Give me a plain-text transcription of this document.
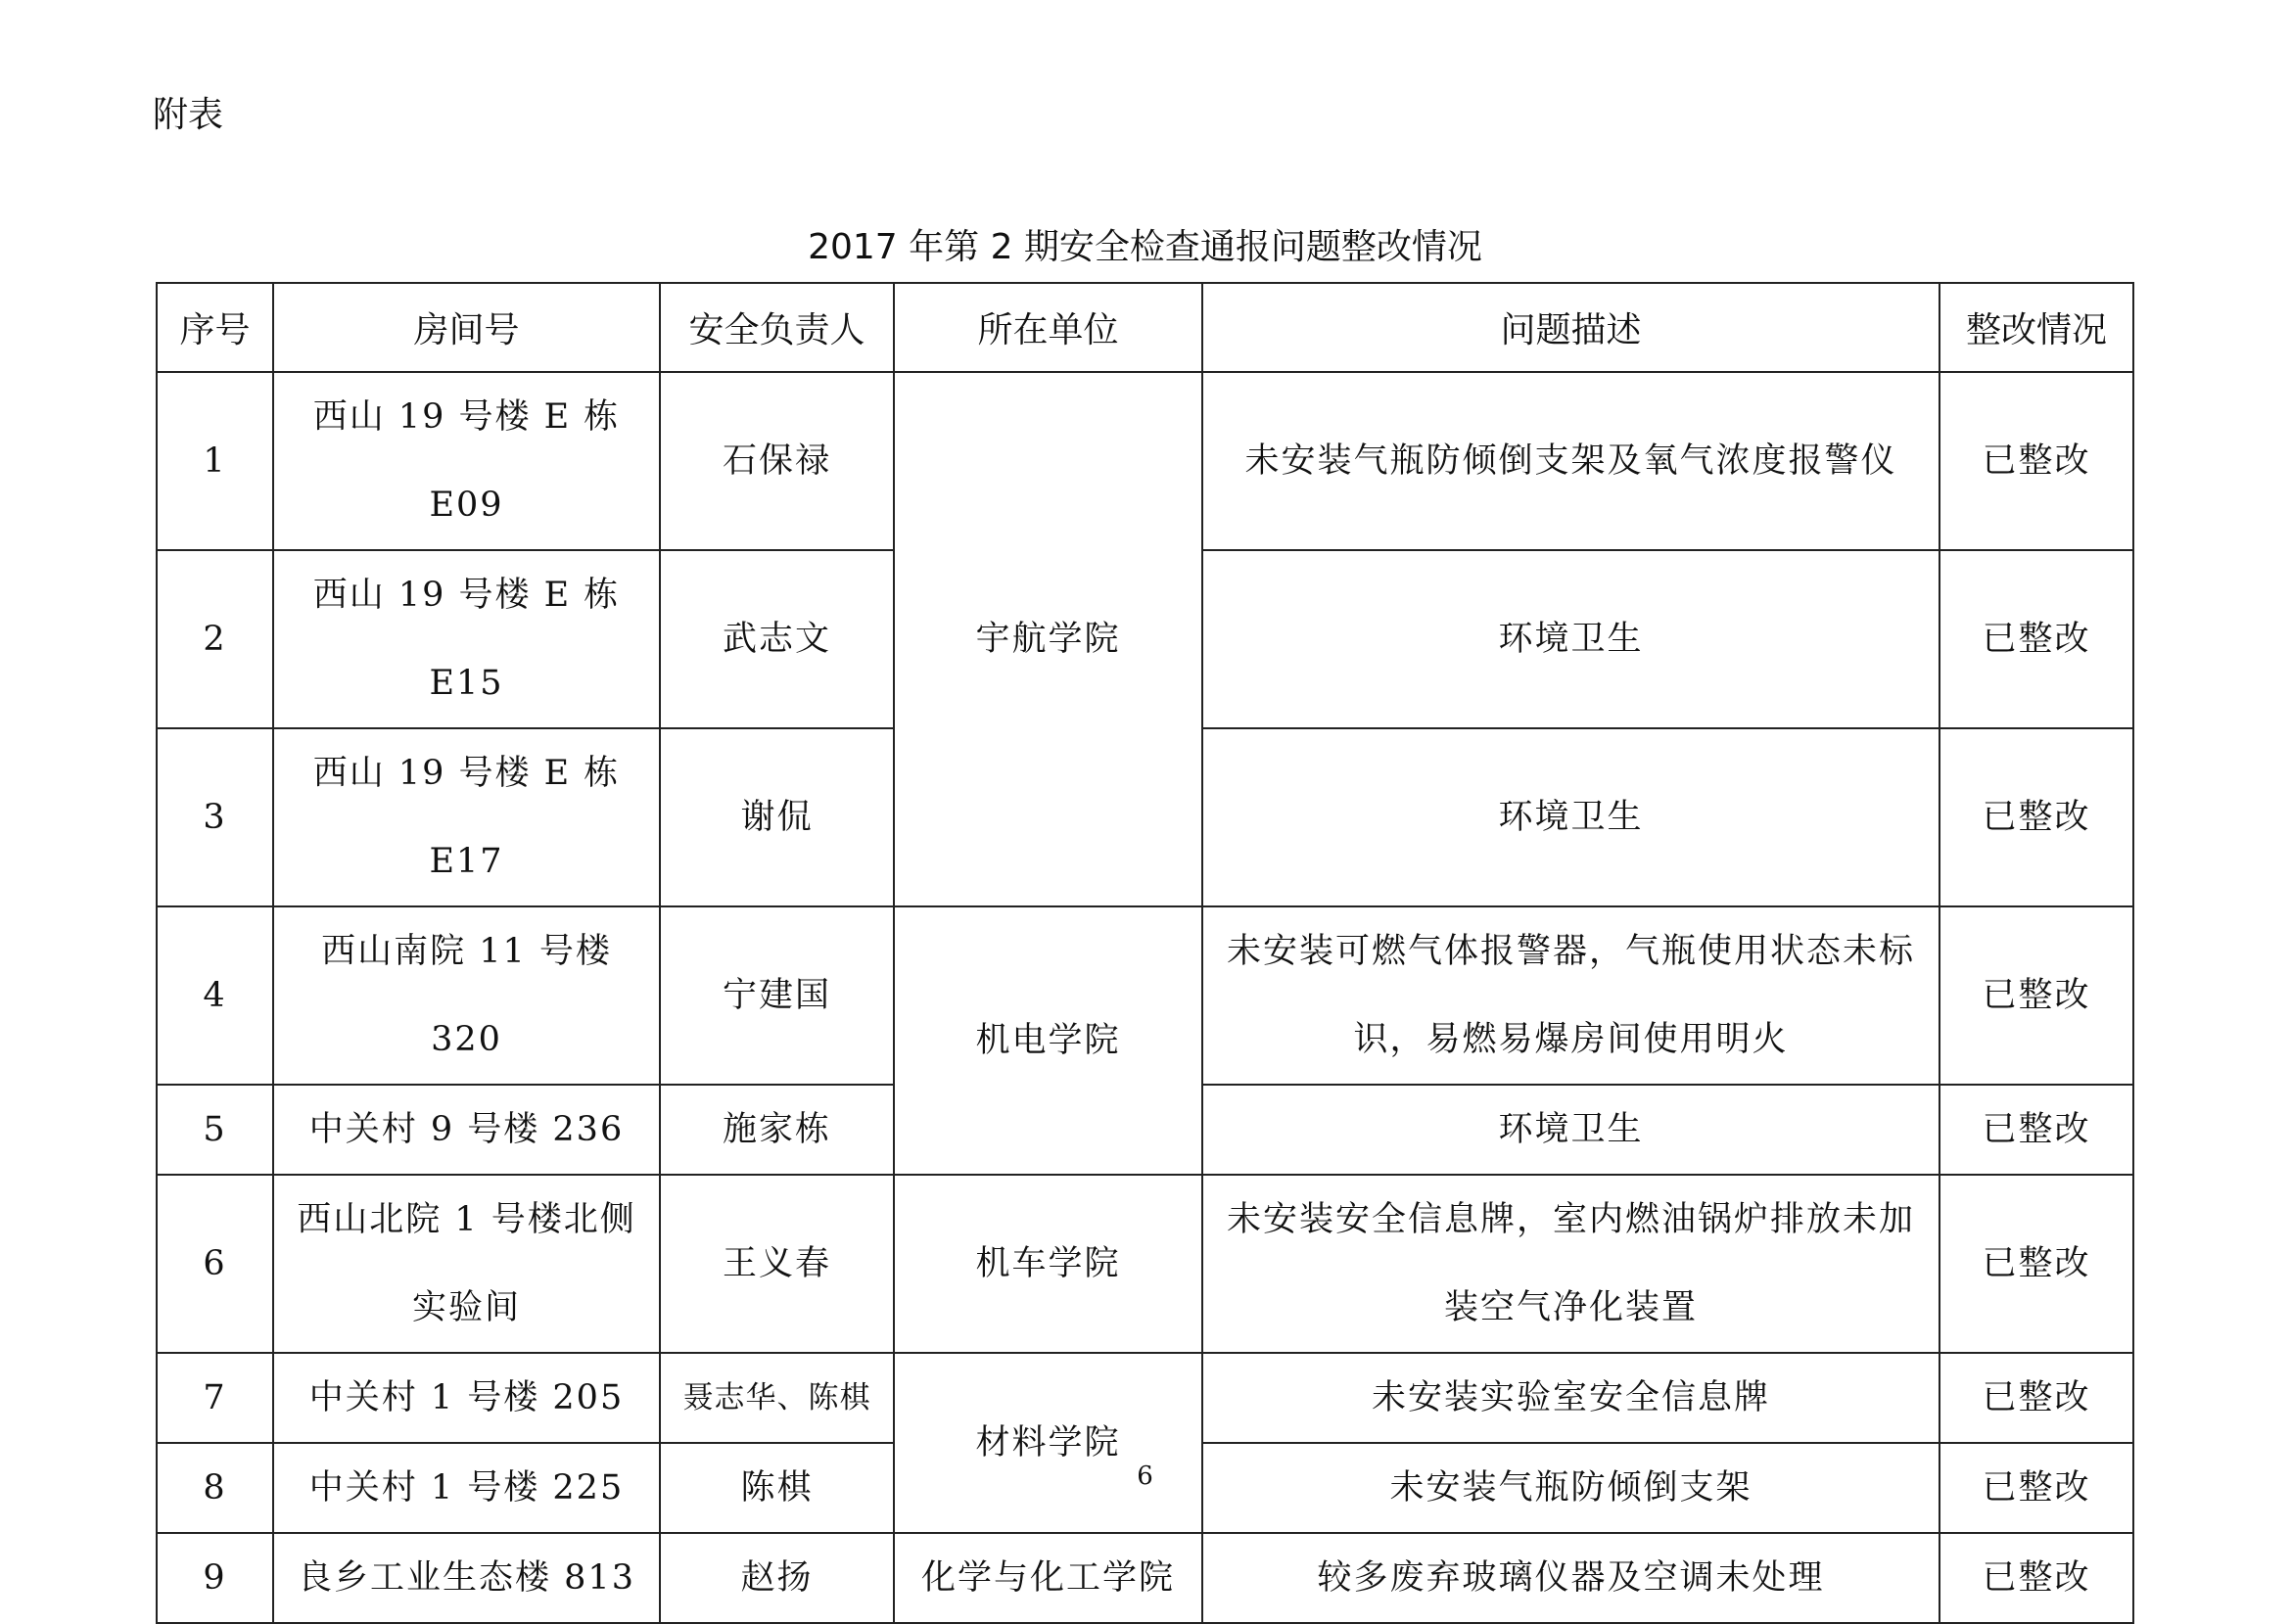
附表
2017 年第 2 期安全检查通报问题整改情况
序号	房间号	安全负责人	所在单位	问题描述	整改情况
1	西山 19 号楼 E 栋 E09	石保禄	宇航学院	未安装气瓶防倾倒支架及氧气浓度报警仪	已整改
2	西山 19 号楼 E 栋 E15	武志文		环境卫生	已整改
3	西山 19 号楼 E 栋 E17	谢侃		环境卫生	已整改
4	西山南院 11 号楼 320	宁建国	机电学院	未安装可燃气体报警器，气瓶使用状态未标识，易燃易爆房间使用明火	已整改
5	中关村 9 号楼 236	施家栋		环境卫生	已整改
6	西山北院 1 号楼北侧实验间	王义春	机车学院	未安装安全信息牌，室内燃油锅炉排放未加装空气净化装置	已整改
7	中关村 1 号楼 205	聂志华、陈棋	材料学院	未安装实验室安全信息牌	已整改
8	中关村 1 号楼 225	陈棋		未安装气瓶防倾倒支架	已整改
9	良乡工业生态楼 813	赵扬	化学与化工学院	较多废弃玻璃仪器及空调未处理	已整改
6
